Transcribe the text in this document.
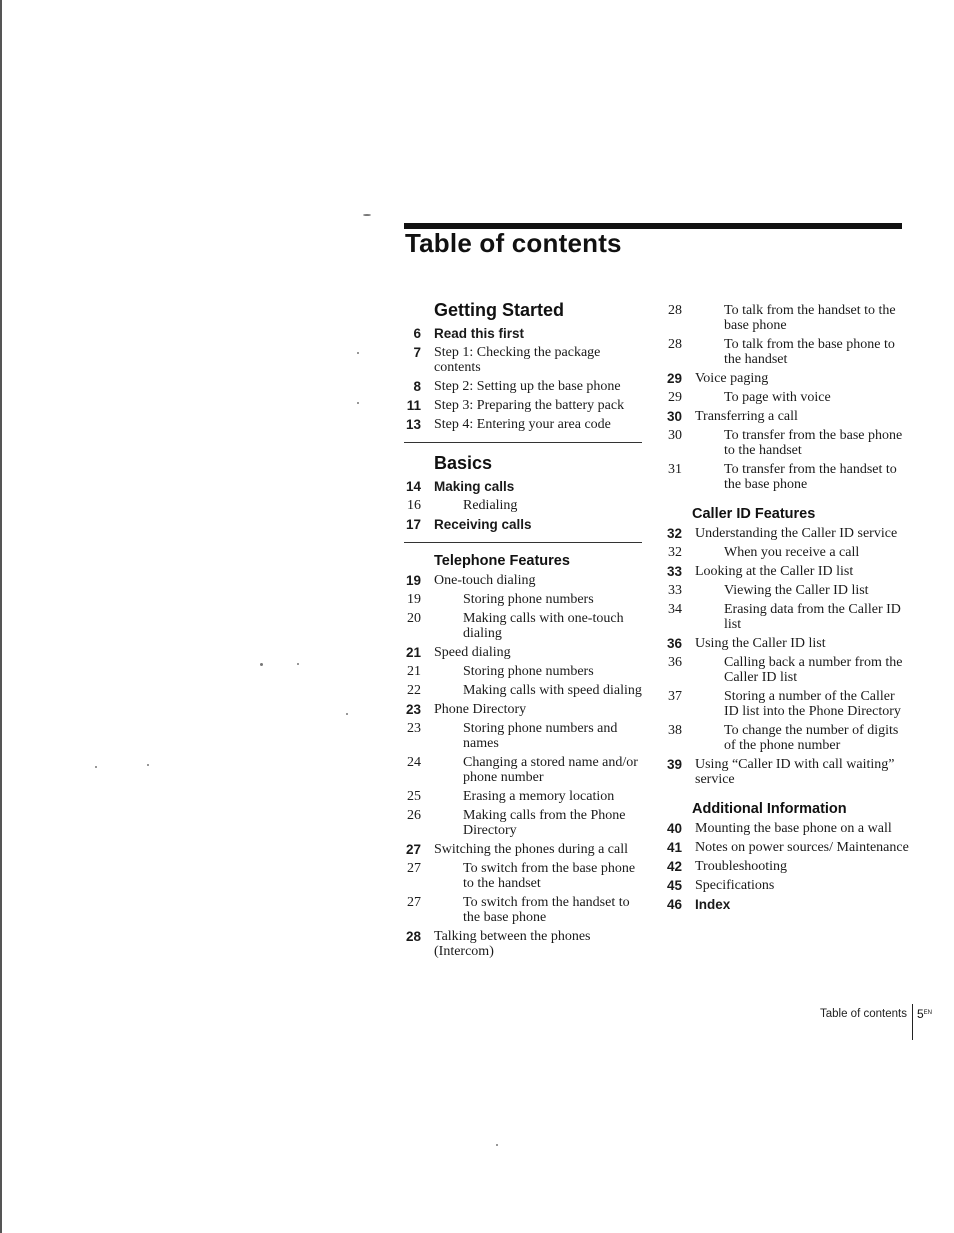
Table of contents
Getting Started
6 Read this first
7 Step 1: Checking the package contents
8 Step 2: Setting up the base phone
11 Step 3: Preparing the battery pack
13 Step 4: Entering your area code
Basics
14 Making calls
16	Redialing
17 Receiving calls
Telephone Features
19 One-touch dialing
19	Storing phone numbers
20	Making calls with one-touch dialing
21 Speed dialing
21	Storing phone numbers
22	Making calls with speed dialing
23 Phone Directory
23	Storing phone numbers and names
24	Changing a stored name and/or phone number
25	Erasing a memory location
26	Making calls from the Phone Directory
27 Switching the phones during a call
27	To switch from the base phone to the handset
27	To switch from the handset to the base phone
28 Talking between the phones (Intercom)
28	To talk from the handset to the base phone
28	To talk from the base phone to the handset
29 Voice paging
29	To page with voice
30 Transferring a call
30	To transfer from the base phone to the handset
31	To transfer from the handset to the base phone
Caller ID Features
32 Understanding the Caller ID service
32	When you receive a call
33 Looking at the Caller ID list
33	Viewing the Caller ID list
34	Erasing data from the Caller ID list
36 Using the Caller ID list
36	Calling back a number from the Caller ID list
37	Storing a number of the Caller ID list into the Phone Directory
38	To change the number of digits of the phone number
39 Using “Caller ID with call waiting” service
Additional Information
40 Mounting the base phone on a wall
41 Notes on power sources/ Maintenance
42 Troubleshooting
45 Specifications
46 Index
Table of contents $5^{EN}$
